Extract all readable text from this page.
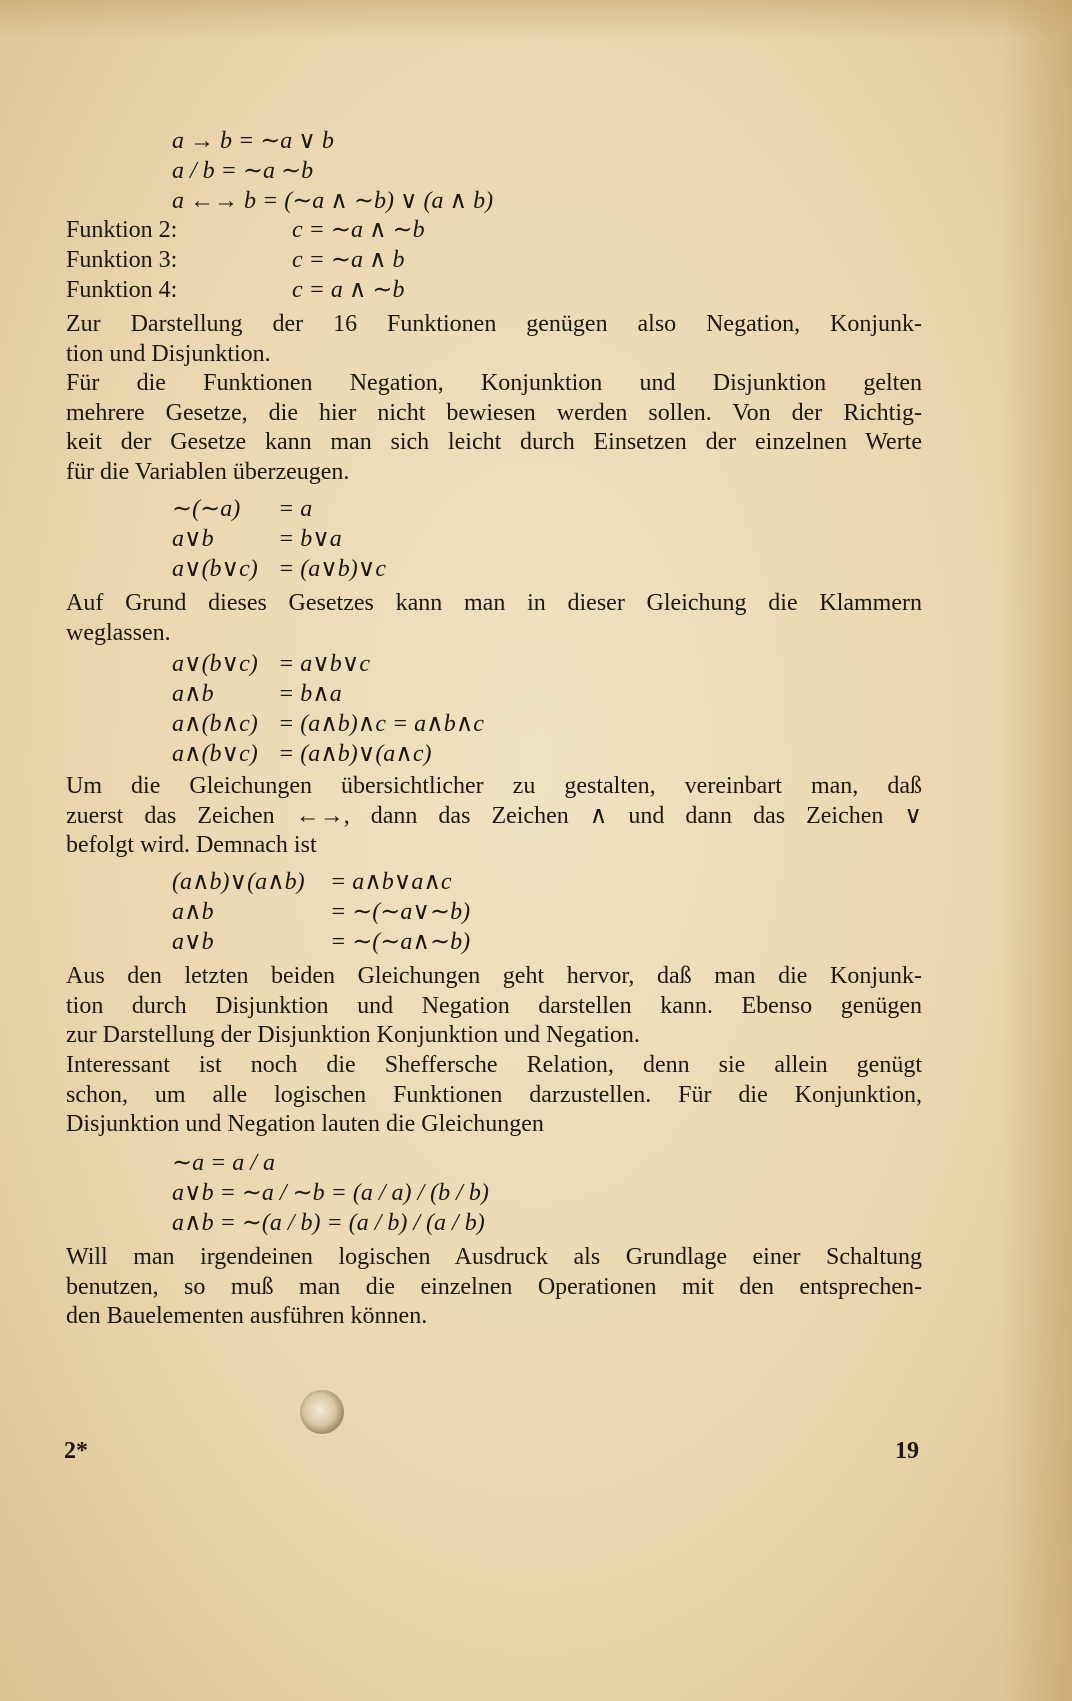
a → b = ∼a ∨ b
a / b = ∼a ∼b
a ←→ b = (∼a ∧ ∼b) ∨ (a ∧ b)
Funktion 2:	c = ∼a ∧ ∼b
Funktion 3:	c = ∼a ∧ b
Funktion 4:	c = a ∧ ∼b
Zur Darstellung der 16 Funktionen genügen also Negation, Konjunk-
tion und Disjunktion.
Für die Funktionen Negation, Konjunktion und Disjunktion gelten
mehrere Gesetze, die hier nicht bewiesen werden sollen. Von der Richtig-
keit der Gesetze kann man sich leicht durch Einsetzen der einzelnen Werte
für die Variablen überzeugen.
∼(∼a) = a
a∨b	= b∨a
a∨(b∨c) = (a∨b)∨c
Auf Grund dieses Gesetzes kann man in dieser Gleichung die Klammern
weglassen.
a∨(b∨c) = a∨b∨c
a∧b	= b∧a
a∧(b∧c) = (a∧b)∧c = a∧b∧c
a∧(b∨c) = (a∧b)∨(a∧c)
Um die Gleichungen übersichtlicher zu gestalten, vereinbart man, daß
zuerst das Zeichen ←→, dann das Zeichen ∧ und dann das Zeichen ∨
befolgt wird. Demnach ist
(a∧b)∨(a∧b) = a∧b∨a∧c
a∧b	= ∼(∼a∨∼b)
a∨b	= ∼(∼a∧∼b)
Aus den letzten beiden Gleichungen geht hervor, daß man die Konjunk-
tion durch Disjunktion und Negation darstellen kann. Ebenso genügen
zur Darstellung der Disjunktion Konjunktion und Negation.
Interessant ist noch die Sheffersche Relation, denn sie allein genügt
schon, um alle logischen Funktionen darzustellen. Für die Konjunktion,
Disjunktion und Negation lauten die Gleichungen
∼a = a / a
a∨b = ∼a / ∼b = (a / a) / (b / b)
a∧b = ∼(a / b) = (a / b) / (a / b)
Will man irgendeinen logischen Ausdruck als Grundlage einer Schaltung
benutzen, so muß man die einzelnen Operationen mit den entsprechen-
den Bauelementen ausführen können.
2*	19
